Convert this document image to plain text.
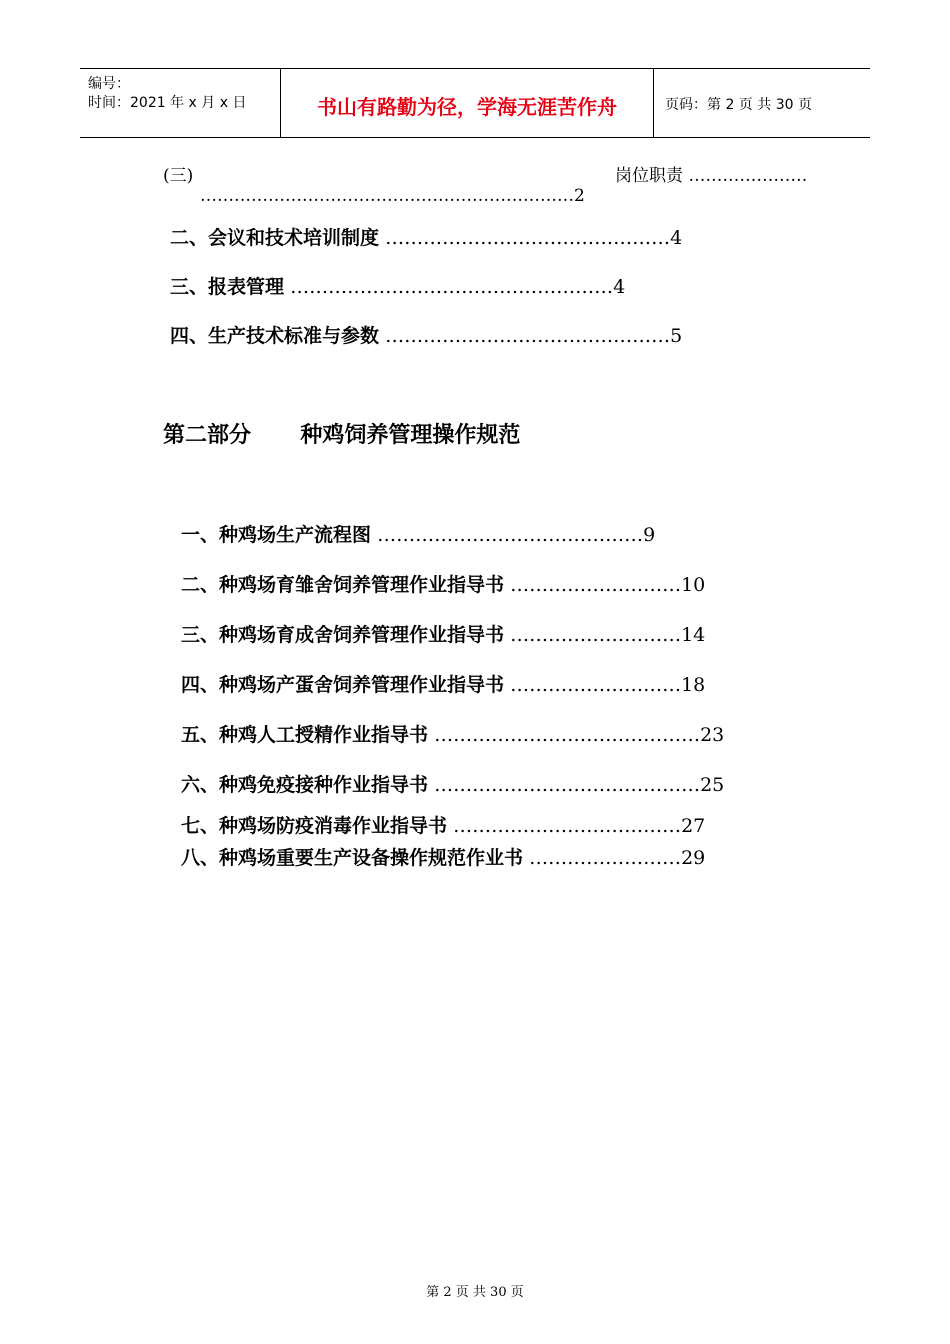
编号：
时间：2021 年 x 月 x 日	书山有路勤为径，学海无涯苦作舟	页码：第 2 页 共 30 页
(三)	岗位职责 …………………
…………………………………………………………2
二、会议和技术培训制度 ………………………………………4
三、报表管理 ……………………………………………4
四、生产技术标准与参数 ………………………………………5
第二部分 种鸡饲养管理操作规范
一、种鸡场生产流程图 ……………………………………9
二、种鸡场育雏舍饲养管理作业指导书 ………………………10
三、种鸡场育成舍饲养管理作业指导书 ………………………14
四、种鸡场产蛋舍饲养管理作业指导书 ………………………18
五、种鸡人工授精作业指导书 ……………………………………23
六、种鸡免疫接种作业指导书 ……………………………………25
七、种鸡场防疫消毒作业指导书 ………………………………27
八、种鸡场重要生产设备操作规范作业书 ……………………29
第 2 页 共 30 页
